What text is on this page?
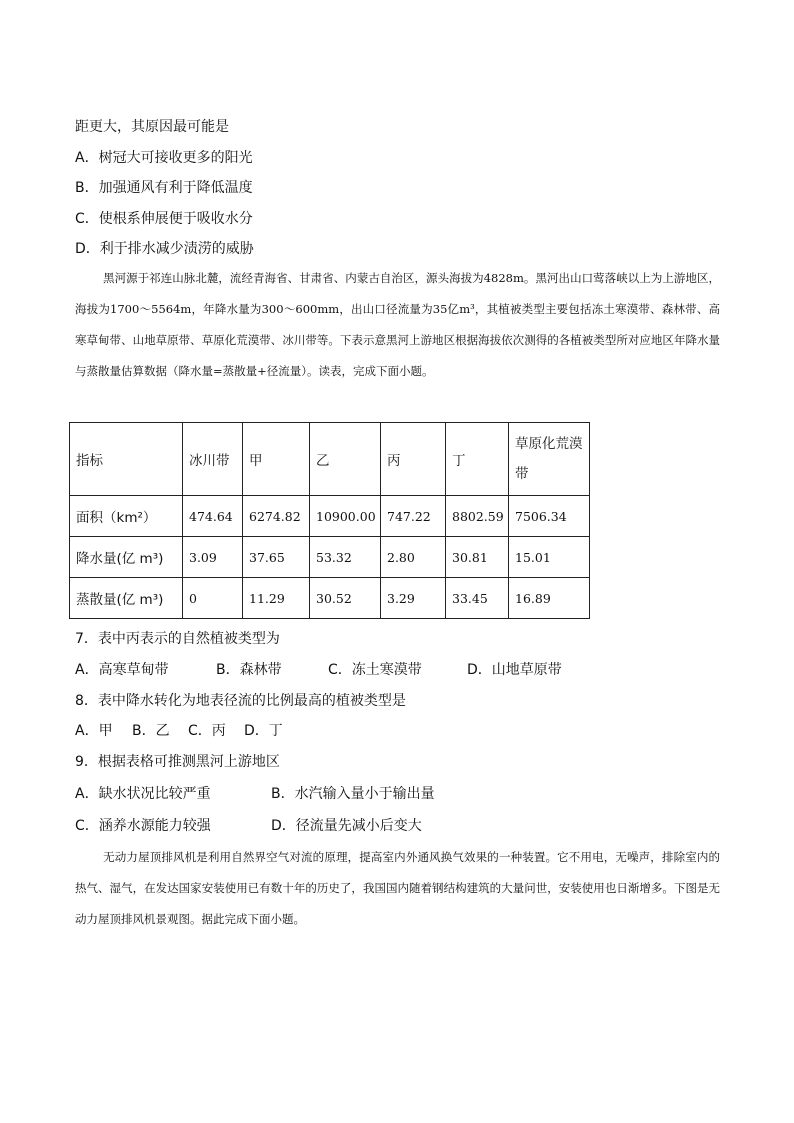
距更大，其原因最可能是
A．树冠大可接收更多的阳光
B．加强通风有利于降低温度
C．使根系伸展便于吸收水分
D．利于排水减少渍涝的威胁
黑河源于祁连山脉北麓，流经青海省、甘肃省、内蒙古自治区，源头海拔为4828m。黑河出山口莺落峡以上为上游地区，海拔为1700～5564m，年降水量为300～600mm，出山口径流量为35亿m³，其植被类型主要包括冻土寒漠带、森林带、高寒草甸带、山地草原带、草原化荒漠带、冰川带等。下表示意黑河上游地区根据海拔依次测得的各植被类型所对应地区年降水量与蒸散量估算数据（降水量=蒸散量+径流量）。读表，完成下面小题。
指标	冰川带	甲	乙	丙	丁	草原化荒漠带
面积（km²）	474.64	6274.82	10900.00	747.22	8802.59	7506.34
降水量(亿 m³)	3.09	37.65	53.32	2.80	30.81	15.01
蒸散量(亿 m³)	0	11.29	30.52	3.29	33.45	16.89
7．表中丙表示的自然植被类型为
A．高寒草甸带	B．森林带	C．冻土寒漠带	D．山地草原带
8．表中降水转化为地表径流的比例最高的植被类型是
A．甲 B．乙 C．丙 D．丁
9．根据表格可推测黑河上游地区
A．缺水状况比较严重	B．水汽输入量小于输出量
C．涵养水源能力较强	D．径流量先减小后变大
无动力屋顶排风机是利用自然界空气对流的原理，提高室内外通风换气效果的一种装置。它不用电，无噪声，排除室内的热气、湿气，在发达国家安装使用已有数十年的历史了，我国国内随着钢结构建筑的大量问世，安装使用也日渐增多。下图是无动力屋顶排风机景观图。据此完成下面小题。
